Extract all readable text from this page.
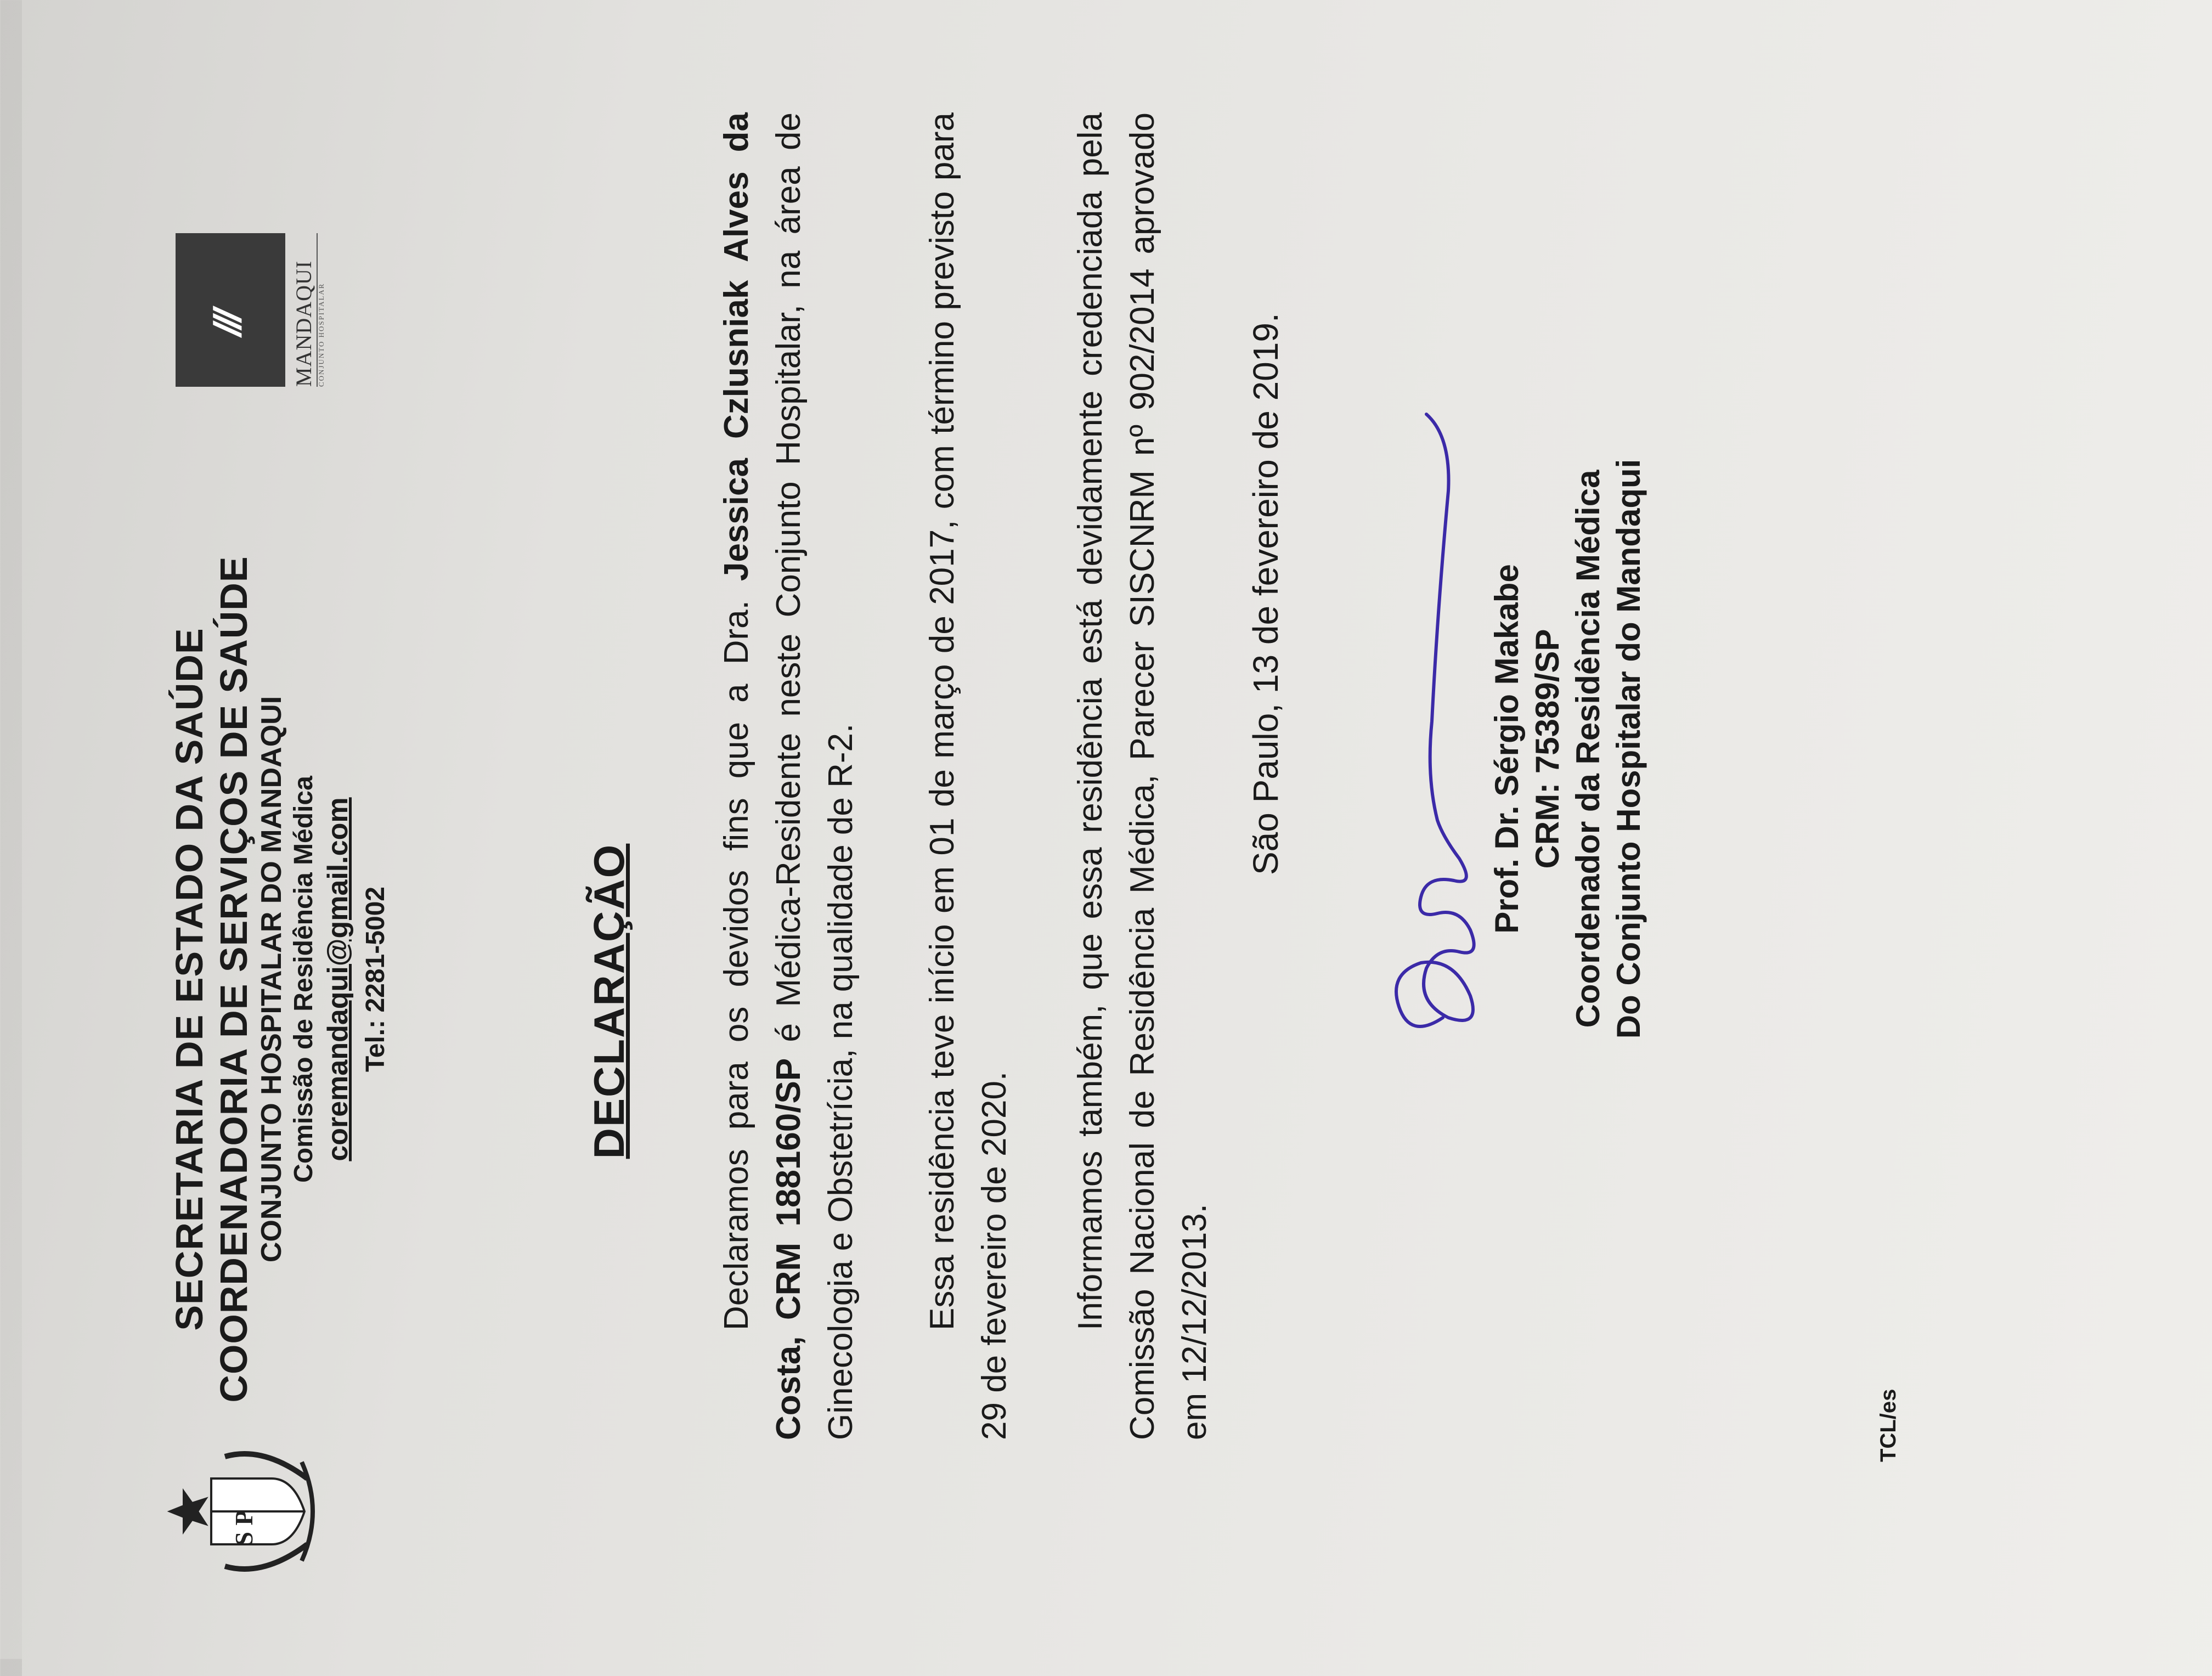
S P
SECRETARIA DE ESTADO DA SAÚDE COORDENADORIA DE SERVIÇOS DE SAÚDE CONJUNTO HOSPITALAR DO MANDAQUI Comissão de Residência Médica coremandaqui@gmail.com Tel.: 2281-5002
/// MANDAQUI CONJUNTO HOSPITALAR
DECLARAÇÃO Declaramos para os devidos fins que a Dra. Jessica Czlusniak Alves da Costa, CRM 188160/SP é Médica-Residente neste Conjunto Hospitalar, na área de Ginecologia e Obstetrícia, na qualidade de R-2. Essa residência teve início em 01 de março de 2017, com término previsto para 29 de fevereiro de 2020. Informamos também, que essa residência está devidamente credenciada pela Comissão Nacional de Residência Médica, Parecer SISCNRM nº 902/2014 aprovado em 12/12/2013.
São Paulo, 13 de fevereiro de 2019.	Prof. Dr. Sérgio Makabe CRM: 75389/SP Coordenador da Residência Médica Do Conjunto Hospitalar do Mandaqui
TCL/es
